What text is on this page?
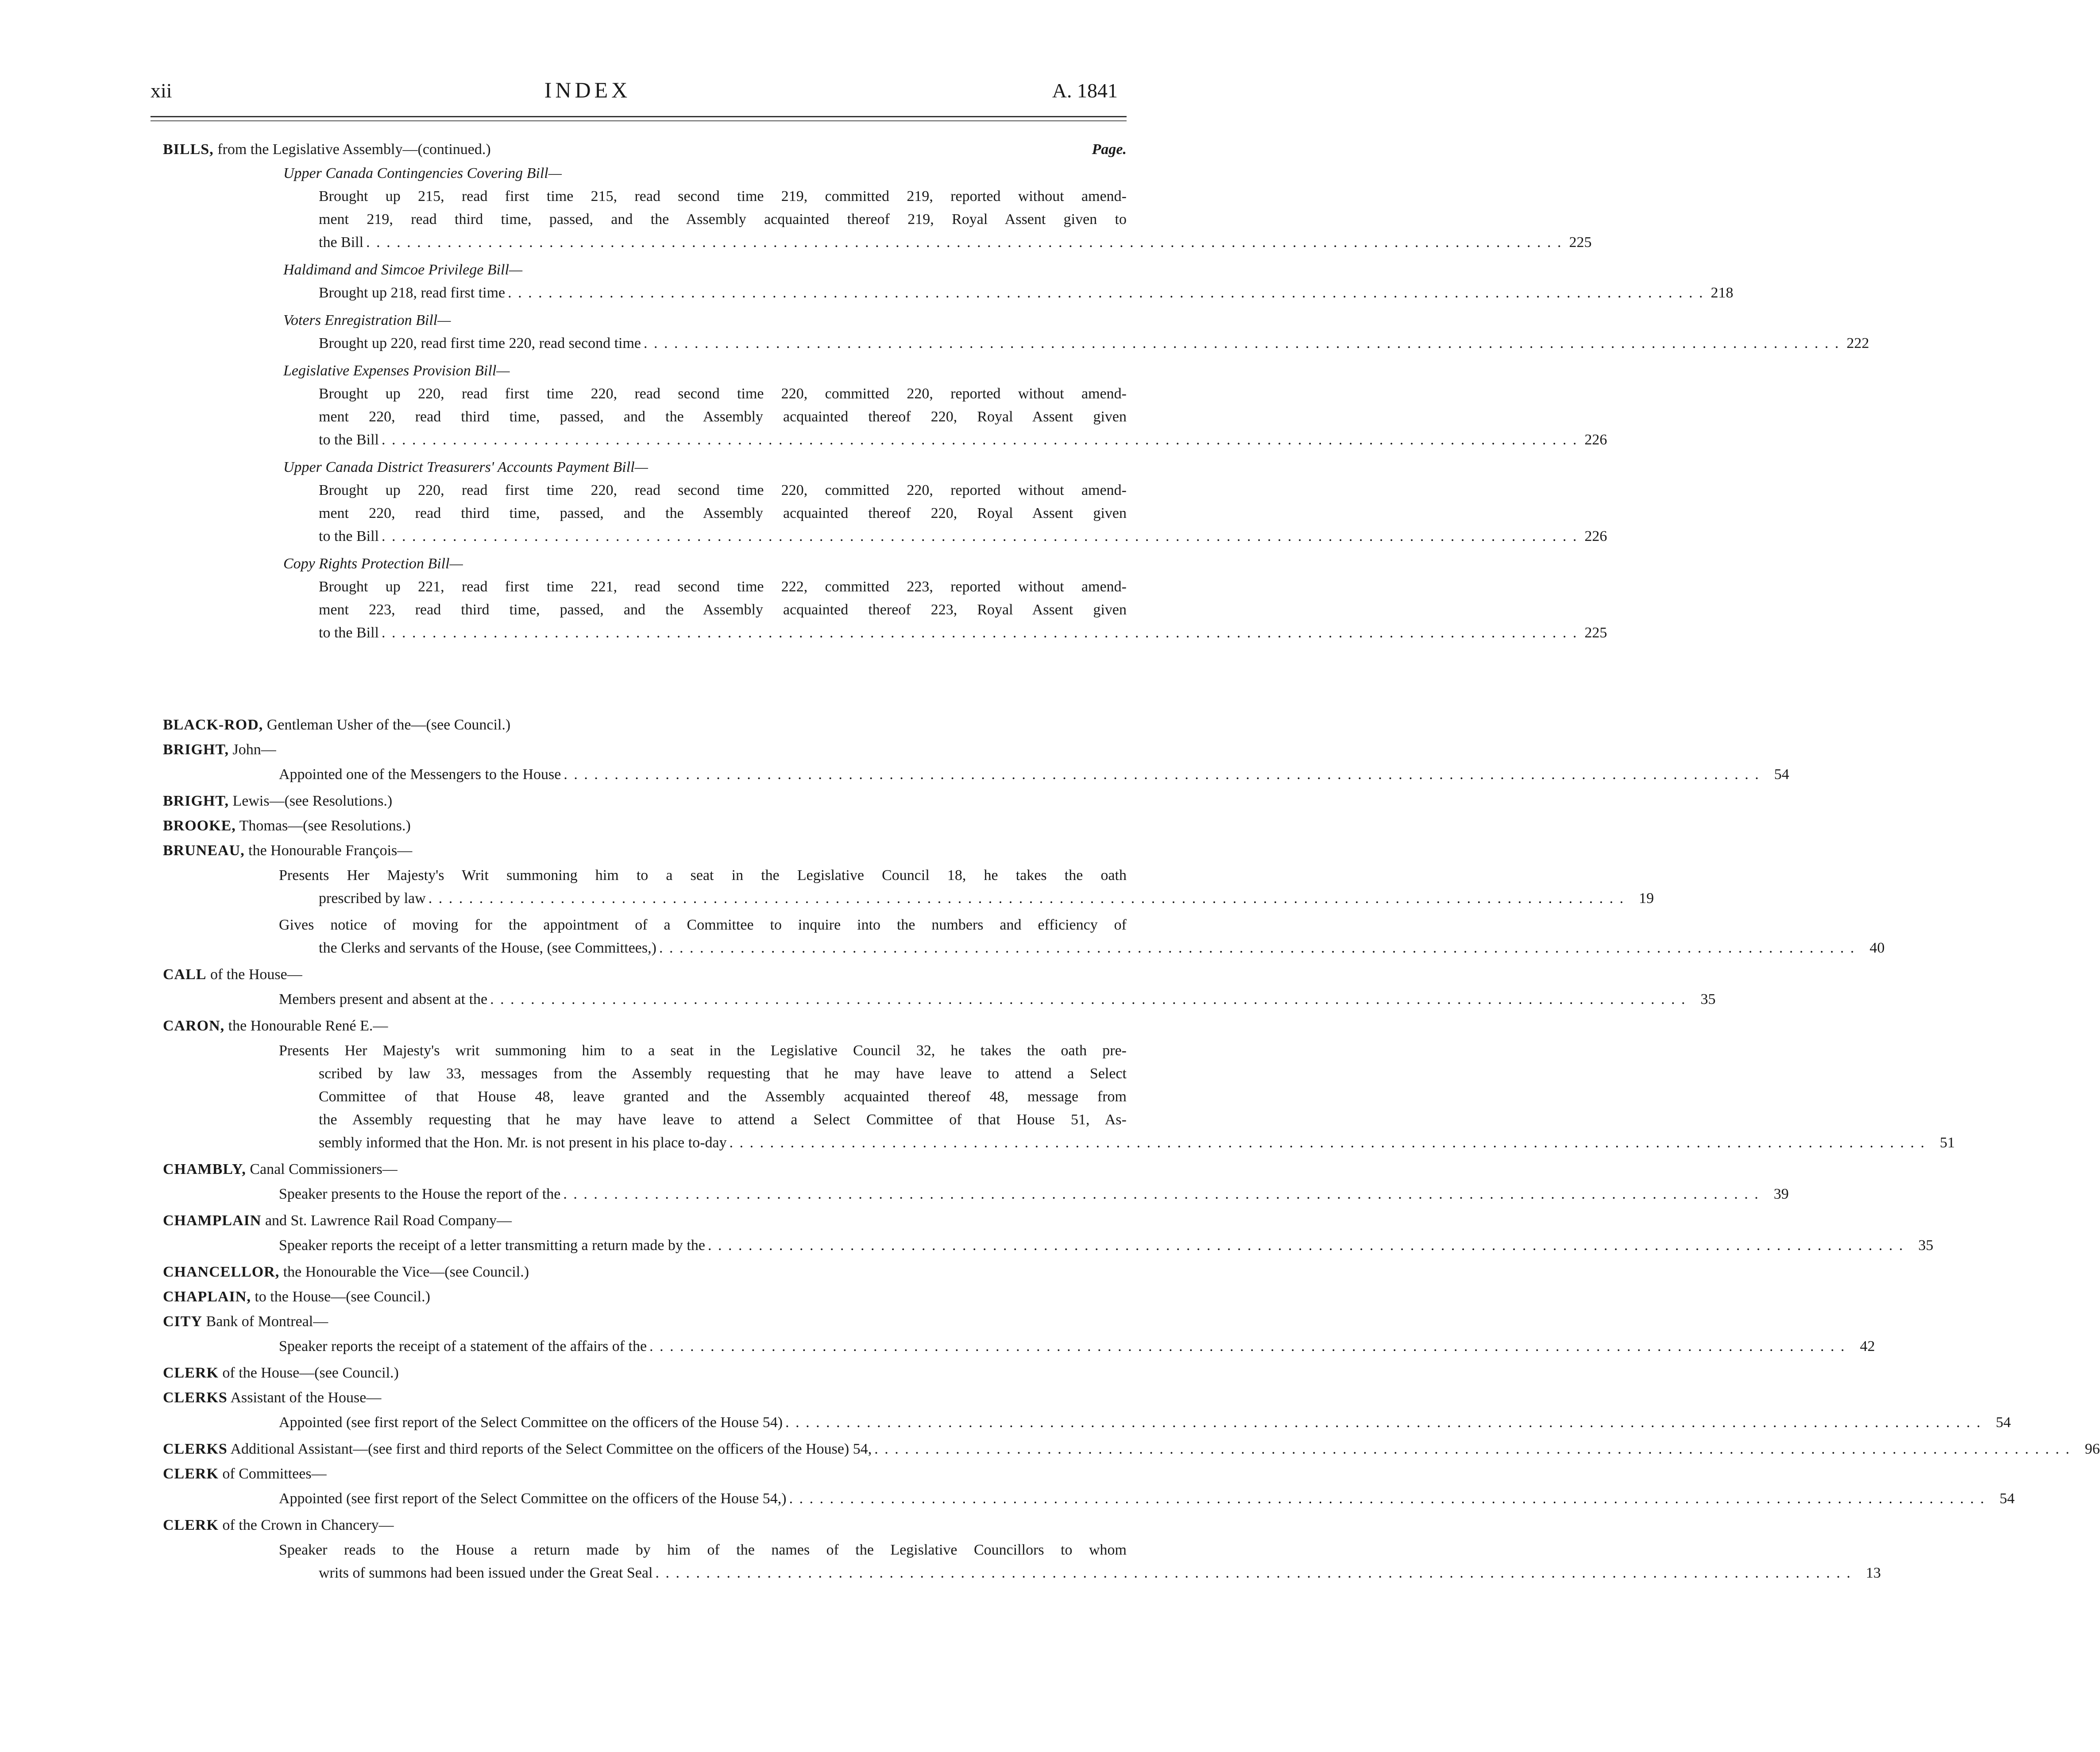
xii	INDEX	A. 1841
BILLS, from the Legislative Assembly—(continued.)	Page.
Upper Canada Contingencies Covering Bill—
Brought up 215, read first time 215, read second time 219, committed 219, reported without amend-
ment 219, read third time, passed, and the Assembly acquainted thereof 219, Royal Assent given to
the Bill . . . . . . . . . . . . . . . . . . . . . . . . . . . . . . . . . . . . . . . . . . . . . . . . . . . . . . . . . . . . . . . . . . . . . . . . . . . . . . . . . . . . . . . . . . . . . . . . . . . . . . . . . . . . . . . . . . . . . . 225
Haldimand and Simcoe Privilege Bill—
Brought up 218, read first time . . . . . . . . . . . . . . . . . . . . . . . . . . . . . . . . . . . . . . . . . . . . . . . . . . . . . . . . . . . . . . . . . . . . . . . . . . . . . . . . . . . . . . . . . . . . . . . . . . . . . . . . . . . . . . . . . . . . . . 218
Voters Enregistration Bill—
Brought up 220, read first time 220, read second time . . . . . . . . . . . . . . . . . . . . . . . . . . . . . . . . . . . . . . . . . . . . . . . . . . . . . . . . . . . . . . . . . . . . . . . . . . . . . . . . . . . . . . . . . . . . . . . . . . . . . . . . . . . . . . . . . . . . . . 222
Legislative Expenses Provision Bill—
Brought up 220, read first time 220, read second time 220, committed 220, reported without amend-
ment 220, read third time, passed, and the Assembly acquainted thereof 220, Royal Assent given
to the Bill . . . . . . . . . . . . . . . . . . . . . . . . . . . . . . . . . . . . . . . . . . . . . . . . . . . . . . . . . . . . . . . . . . . . . . . . . . . . . . . . . . . . . . . . . . . . . . . . . . . . . . . . . . . . . . . . . . . . . . 226
Upper Canada District Treasurers' Accounts Payment Bill—
Brought up 220, read first time 220, read second time 220, committed 220, reported without amend-
ment 220, read third time, passed, and the Assembly acquainted thereof 220, Royal Assent given
to the Bill . . . . . . . . . . . . . . . . . . . . . . . . . . . . . . . . . . . . . . . . . . . . . . . . . . . . . . . . . . . . . . . . . . . . . . . . . . . . . . . . . . . . . . . . . . . . . . . . . . . . . . . . . . . . . . . . . . . . . . 226
Copy Rights Protection Bill—
Brought up 221, read first time 221, read second time 222, committed 223, reported without amend-
ment 223, read third time, passed, and the Assembly acquainted thereof 223, Royal Assent given
to the Bill . . . . . . . . . . . . . . . . . . . . . . . . . . . . . . . . . . . . . . . . . . . . . . . . . . . . . . . . . . . . . . . . . . . . . . . . . . . . . . . . . . . . . . . . . . . . . . . . . . . . . . . . . . . . . . . . . . . . . . 225
BLACK-ROD, Gentleman Usher of the—(see Council.)
BRIGHT, John—
Appointed one of the Messengers to the House . . . . . . . . . . . . . . . . . . . . . . . . . . . . . . . . . . . . . . . . . . . . . . . . . . . . . . . . . . . . . . . . . . . . . . . . . . . . . . . . . . . . . . . . . . . . . . . . . . . . . . . . . . . . . . . . . . . . . . 54
BRIGHT, Lewis—(see Resolutions.)
BROOKE, Thomas—(see Resolutions.)
BRUNEAU, the Honourable François—
Presents Her Majesty's Writ summoning him to a seat in the Legislative Council 18, he takes the oath
prescribed by law . . . . . . . . . . . . . . . . . . . . . . . . . . . . . . . . . . . . . . . . . . . . . . . . . . . . . . . . . . . . . . . . . . . . . . . . . . . . . . . . . . . . . . . . . . . . . . . . . . . . . . . . . . . . . . . . . . . . . . 19
Gives notice of moving for the appointment of a Committee to inquire into the numbers and efficiency of
the Clerks and servants of the House, (see Committees,) . . . . . . . . . . . . . . . . . . . . . . . . . . . . . . . . . . . . . . . . . . . . . . . . . . . . . . . . . . . . . . . . . . . . . . . . . . . . . . . . . . . . . . . . . . . . . . . . . . . . . . . . . . . . . . . . . . . . . . 40
CALL of the House—
Members present and absent at the . . . . . . . . . . . . . . . . . . . . . . . . . . . . . . . . . . . . . . . . . . . . . . . . . . . . . . . . . . . . . . . . . . . . . . . . . . . . . . . . . . . . . . . . . . . . . . . . . . . . . . . . . . . . . . . . . . . . . . 35
CARON, the Honourable René E.—
Presents Her Majesty's writ summoning him to a seat in the Legislative Council 32, he takes the oath pre-
scribed by law 33, messages from the Assembly requesting that he may have leave to attend a Select
Committee of that House 48, leave granted and the Assembly acquainted thereof 48, message from
the Assembly requesting that he may have leave to attend a Select Committee of that House 51, As-
sembly informed that the Hon. Mr. is not present in his place to-day . . . . . . . . . . . . . . . . . . . . . . . . . . . . . . . . . . . . . . . . . . . . . . . . . . . . . . . . . . . . . . . . . . . . . . . . . . . . . . . . . . . . . . . . . . . . . . . . . . . . . . . . . . . . . . . . . . . . . . 51
CHAMBLY, Canal Commissioners—
Speaker presents to the House the report of the . . . . . . . . . . . . . . . . . . . . . . . . . . . . . . . . . . . . . . . . . . . . . . . . . . . . . . . . . . . . . . . . . . . . . . . . . . . . . . . . . . . . . . . . . . . . . . . . . . . . . . . . . . . . . . . . . . . . . . 39
CHAMPLAIN and St. Lawrence Rail Road Company—
Speaker reports the receipt of a letter transmitting a return made by the . . . . . . . . . . . . . . . . . . . . . . . . . . . . . . . . . . . . . . . . . . . . . . . . . . . . . . . . . . . . . . . . . . . . . . . . . . . . . . . . . . . . . . . . . . . . . . . . . . . . . . . . . . . . . . . . . . . . . . 35
CHANCELLOR, the Honourable the Vice—(see Council.)
CHAPLAIN, to the House—(see Council.)
CITY Bank of Montreal—
Speaker reports the receipt of a statement of the affairs of the . . . . . . . . . . . . . . . . . . . . . . . . . . . . . . . . . . . . . . . . . . . . . . . . . . . . . . . . . . . . . . . . . . . . . . . . . . . . . . . . . . . . . . . . . . . . . . . . . . . . . . . . . . . . . . . . . . . . . . 42
CLERK of the House—(see Council.)
CLERKS Assistant of the House—
Appointed (see first report of the Select Committee on the officers of the House 54) . . . . . . . . . . . . . . . . . . . . . . . . . . . . . . . . . . . . . . . . . . . . . . . . . . . . . . . . . . . . . . . . . . . . . . . . . . . . . . . . . . . . . . . . . . . . . . . . . . . . . . . . . . . . . . . . . . . . . . 54
CLERKS Additional Assistant—(see first and third reports of the Select Committee on the officers of the House) 54, . . . . . . . . . . . . . . . . . . . . . . . . . . . . . . . . . . . . . . . . . . . . . . . . . . . . . . . . . . . . . . . . . . . . . . . . . . . . . . . . . . . . . . . . . . . . . . . . . . . . . . . . . . . . . . . . . . . . . . 96
CLERK of Committees—
Appointed (see first report of the Select Committee on the officers of the House 54,) . . . . . . . . . . . . . . . . . . . . . . . . . . . . . . . . . . . . . . . . . . . . . . . . . . . . . . . . . . . . . . . . . . . . . . . . . . . . . . . . . . . . . . . . . . . . . . . . . . . . . . . . . . . . . . . . . . . . . . 54
CLERK of the Crown in Chancery—
Speaker reads to the House a return made by him of the names of the Legislative Councillors to whom
writs of summons had been issued under the Great Seal . . . . . . . . . . . . . . . . . . . . . . . . . . . . . . . . . . . . . . . . . . . . . . . . . . . . . . . . . . . . . . . . . . . . . . . . . . . . . . . . . . . . . . . . . . . . . . . . . . . . . . . . . . . . . . . . . . . . . . 13
